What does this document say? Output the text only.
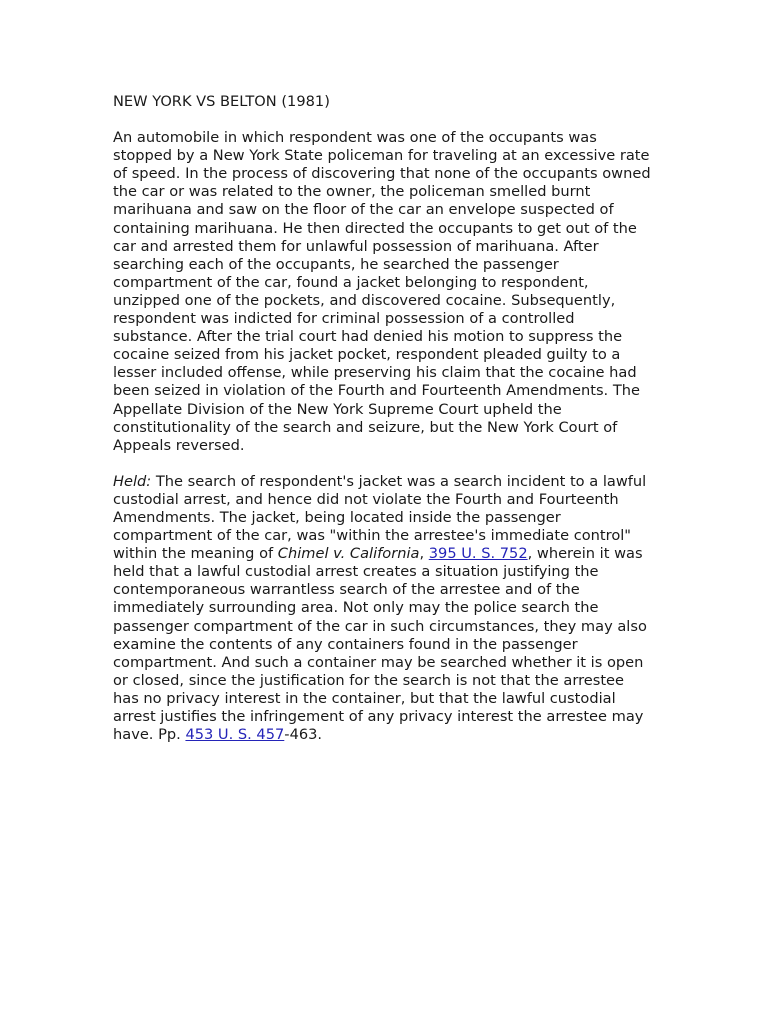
NEW YORK VS BELTON (1981)

An automobile in which respondent was one of the occupants was stopped by a New York State policeman for traveling at an excessive rate of speed. In the process of discovering that none of the occupants owned the car or was related to the owner, the policeman smelled burnt marihuana and saw on the floor of the car an envelope suspected of containing marihuana. He then directed the occupants to get out of the car and arrested them for unlawful possession of marihuana. After searching each of the occupants, he searched the passenger compartment of the car, found a jacket belonging to respondent, unzipped one of the pockets, and discovered cocaine. Subsequently, respondent was indicted for criminal possession of a controlled substance. After the trial court had denied his motion to suppress the cocaine seized from his jacket pocket, respondent pleaded guilty to a lesser included offense, while preserving his claim that the cocaine had been seized in violation of the Fourth and Fourteenth Amendments. The Appellate Division of the New York Supreme Court upheld the constitutionality of the search and seizure, but the New York Court of Appeals reversed.

Held: The search of respondent's jacket was a search incident to a lawful custodial arrest, and hence did not violate the Fourth and Fourteenth Amendments. The jacket, being located inside the passenger compartment of the car, was "within the arrestee's immediate control" within the meaning of Chimel v. California, 395 U. S. 752, wherein it was held that a lawful custodial arrest creates a situation justifying the contemporaneous warrantless search of the arrestee and of the immediately surrounding area. Not only may the police search the passenger compartment of the car in such circumstances, they may also examine the contents of any containers found in the passenger compartment. And such a container may be searched whether it is open or closed, since the justification for the search is not that the arrestee has no privacy interest in the container, but that the lawful custodial arrest justifies the infringement of any privacy interest the arrestee may have. Pp. 453 U. S. 457-463.
